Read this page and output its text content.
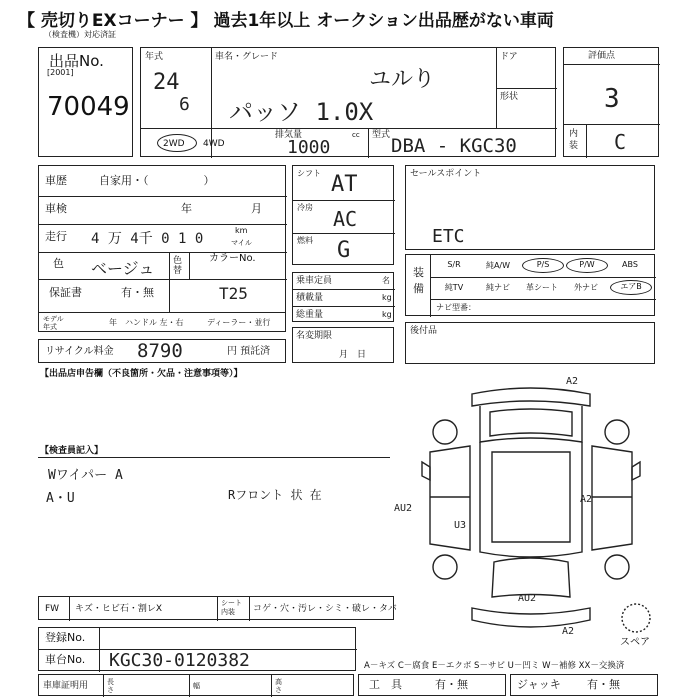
【 売切りEXコーナー 】 過去1年以上 オークション出品歴がない車両
（検査機）対応済証
出品No.
[2001]
70049
年式
24
6
車名・グレード
ユルり
パッソ 1.0X
ドア
形状
2WD 4WD
排気量	cc
1000
型式 DBA - KGC30
評価点
3
内装 C
車歴	自家用・（　　　　　）
車検	年	月
走行 4 万 4千 0 1 0
km
マイル
色 ベージュ 色替
カラーNo.
保証書	有・無	T25
モデル年式	年 ハンドル 左・右	ディーラー・並行
リサイクル料金 8790	円 預託済
シフト AT
冷房 AC
燃料 G
乗車定員	名
積載量	kg
総重量	kg
名変期限
月　日
セールスポイント
ETC
装備
S/R	純A/W	P/S	P/W	ABS
純TV	純ナビ	革シート	外ナビ	エアB
ナビ型番：
後付品
【出品店申告欄（不良箇所・欠品・注意事項等）】
【検査員記入】
Wワイパー A
A・U	Rフロント 状 在
A2
AU2
A2
U3
AU2
A2
スペア
FW キズ・ヒビ石・割レX
シート内装	コゲ・穴・汚レ・シミ・破レ・タバ
登録No.
車台No. KGC30-0120382	A－キズ C－腐食 E－エクボ S－サビ U－凹ミ W－補修 XX－交換済
車庫証明用	長さ	幅	高さ	工　具	有・無	ジャッキ 有・無
